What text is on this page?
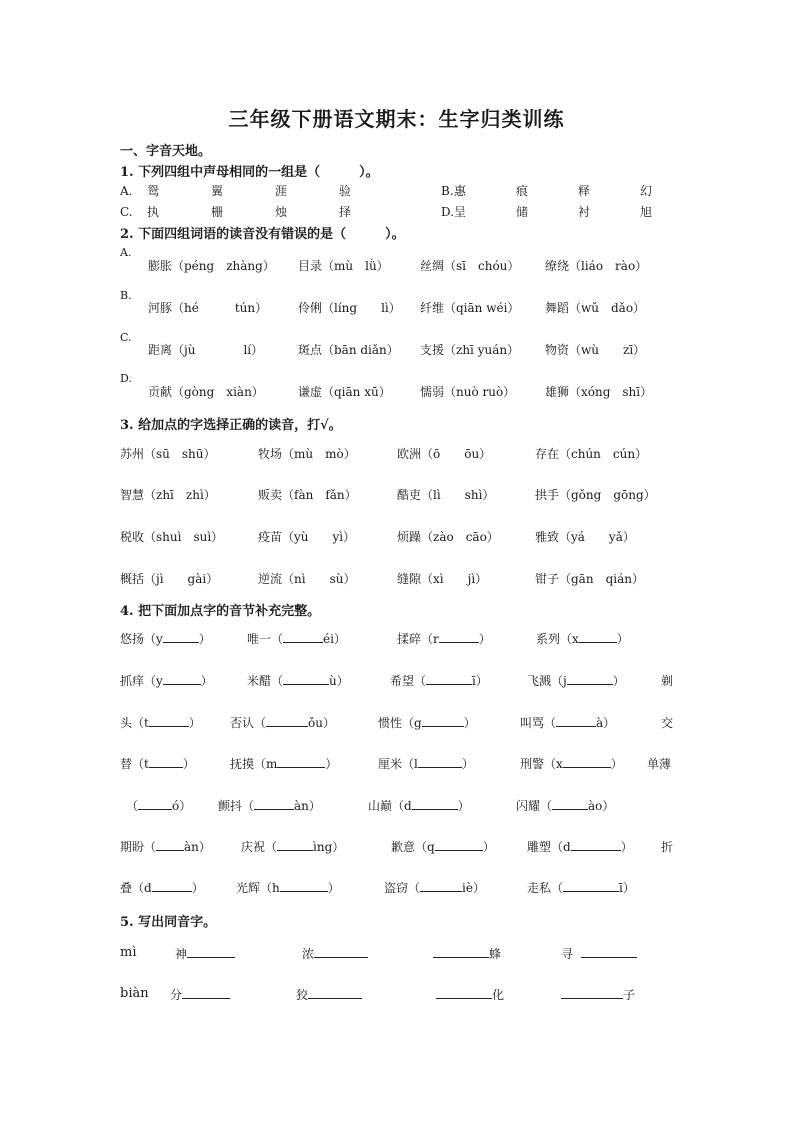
三年级下册语文期末：生字归类训练
一、字音天地。
1. 下列四组中声母相同的一组是（　　　）。
A. 鸳	翼	涯	验	B.惠	痕	释	幻
C. 执	栅	烛	择	D.呈	储	衬	旭
2. 下面四组词语的读音没有错误的是（　　　）。
A.
膨胀（péng　zhàng） 目录（mù　lǜ）	丝绸（sī　chóu） 缭绕（liáo　rào）
B.
河豚（hé　　　tún）	伶俐（líng　　lì） 纤维（qiān wéi） 舞蹈（wǔ　dǎo）
C.
距离（jù　　　　lí）	斑点（bān diǎn） 支援（zhī yuán） 物资（wù　　zī）
D.
贡献（gòng　xiàn）	谦虚（qiān xū） 懦弱（nuò ruò） 雄狮（xóng　shī）
3. 给加点的字选择正确的读音，打√。
苏州（sū　shū）	牧场（mù　mò）	欧洲（ō　　ōu）	存在（chún　cún）
智慧（zhī　zhì）	贩卖（fàn　fǎn）	酷吏（lì　　shì）	拱手（gǒng　gōng）
税收（shuì　suì）	疫苗（yù　　yì）	烦躁（zào　cāo）	雅致（yá　　yǎ）
概括（jì　　gài）	逆流（nì　　sù）	缝隙（xì　　jì）	钳子（gān　qián）
4. 把下面加点字的音节补充完整。
悠扬（y	）	唯一（	éi）	揉碎（r	）	系列（x	）
抓痒（y	）	米醋（	ù）	希望（	ī）	飞溅（j	）	剃
头（t	） 否认（	ǒu）	惯性（g	）	叫骂（	à）	交
替（t	）	抚摸（m	）	厘米（l	）	刑警（x	） 单薄
（	ó） 颤抖（	àn）	山巅（d	）	闪耀（	ào）
期盼（ àn）	庆祝（	ìng）	歉意（q	）	雕塑（d	） 折
叠（d	）	光辉（h	）	盗窃（	iè）	走私（	ī）
5. 写出同音字。
mì	神	浓	蜂	寻
biàn 分	狡	化	子
